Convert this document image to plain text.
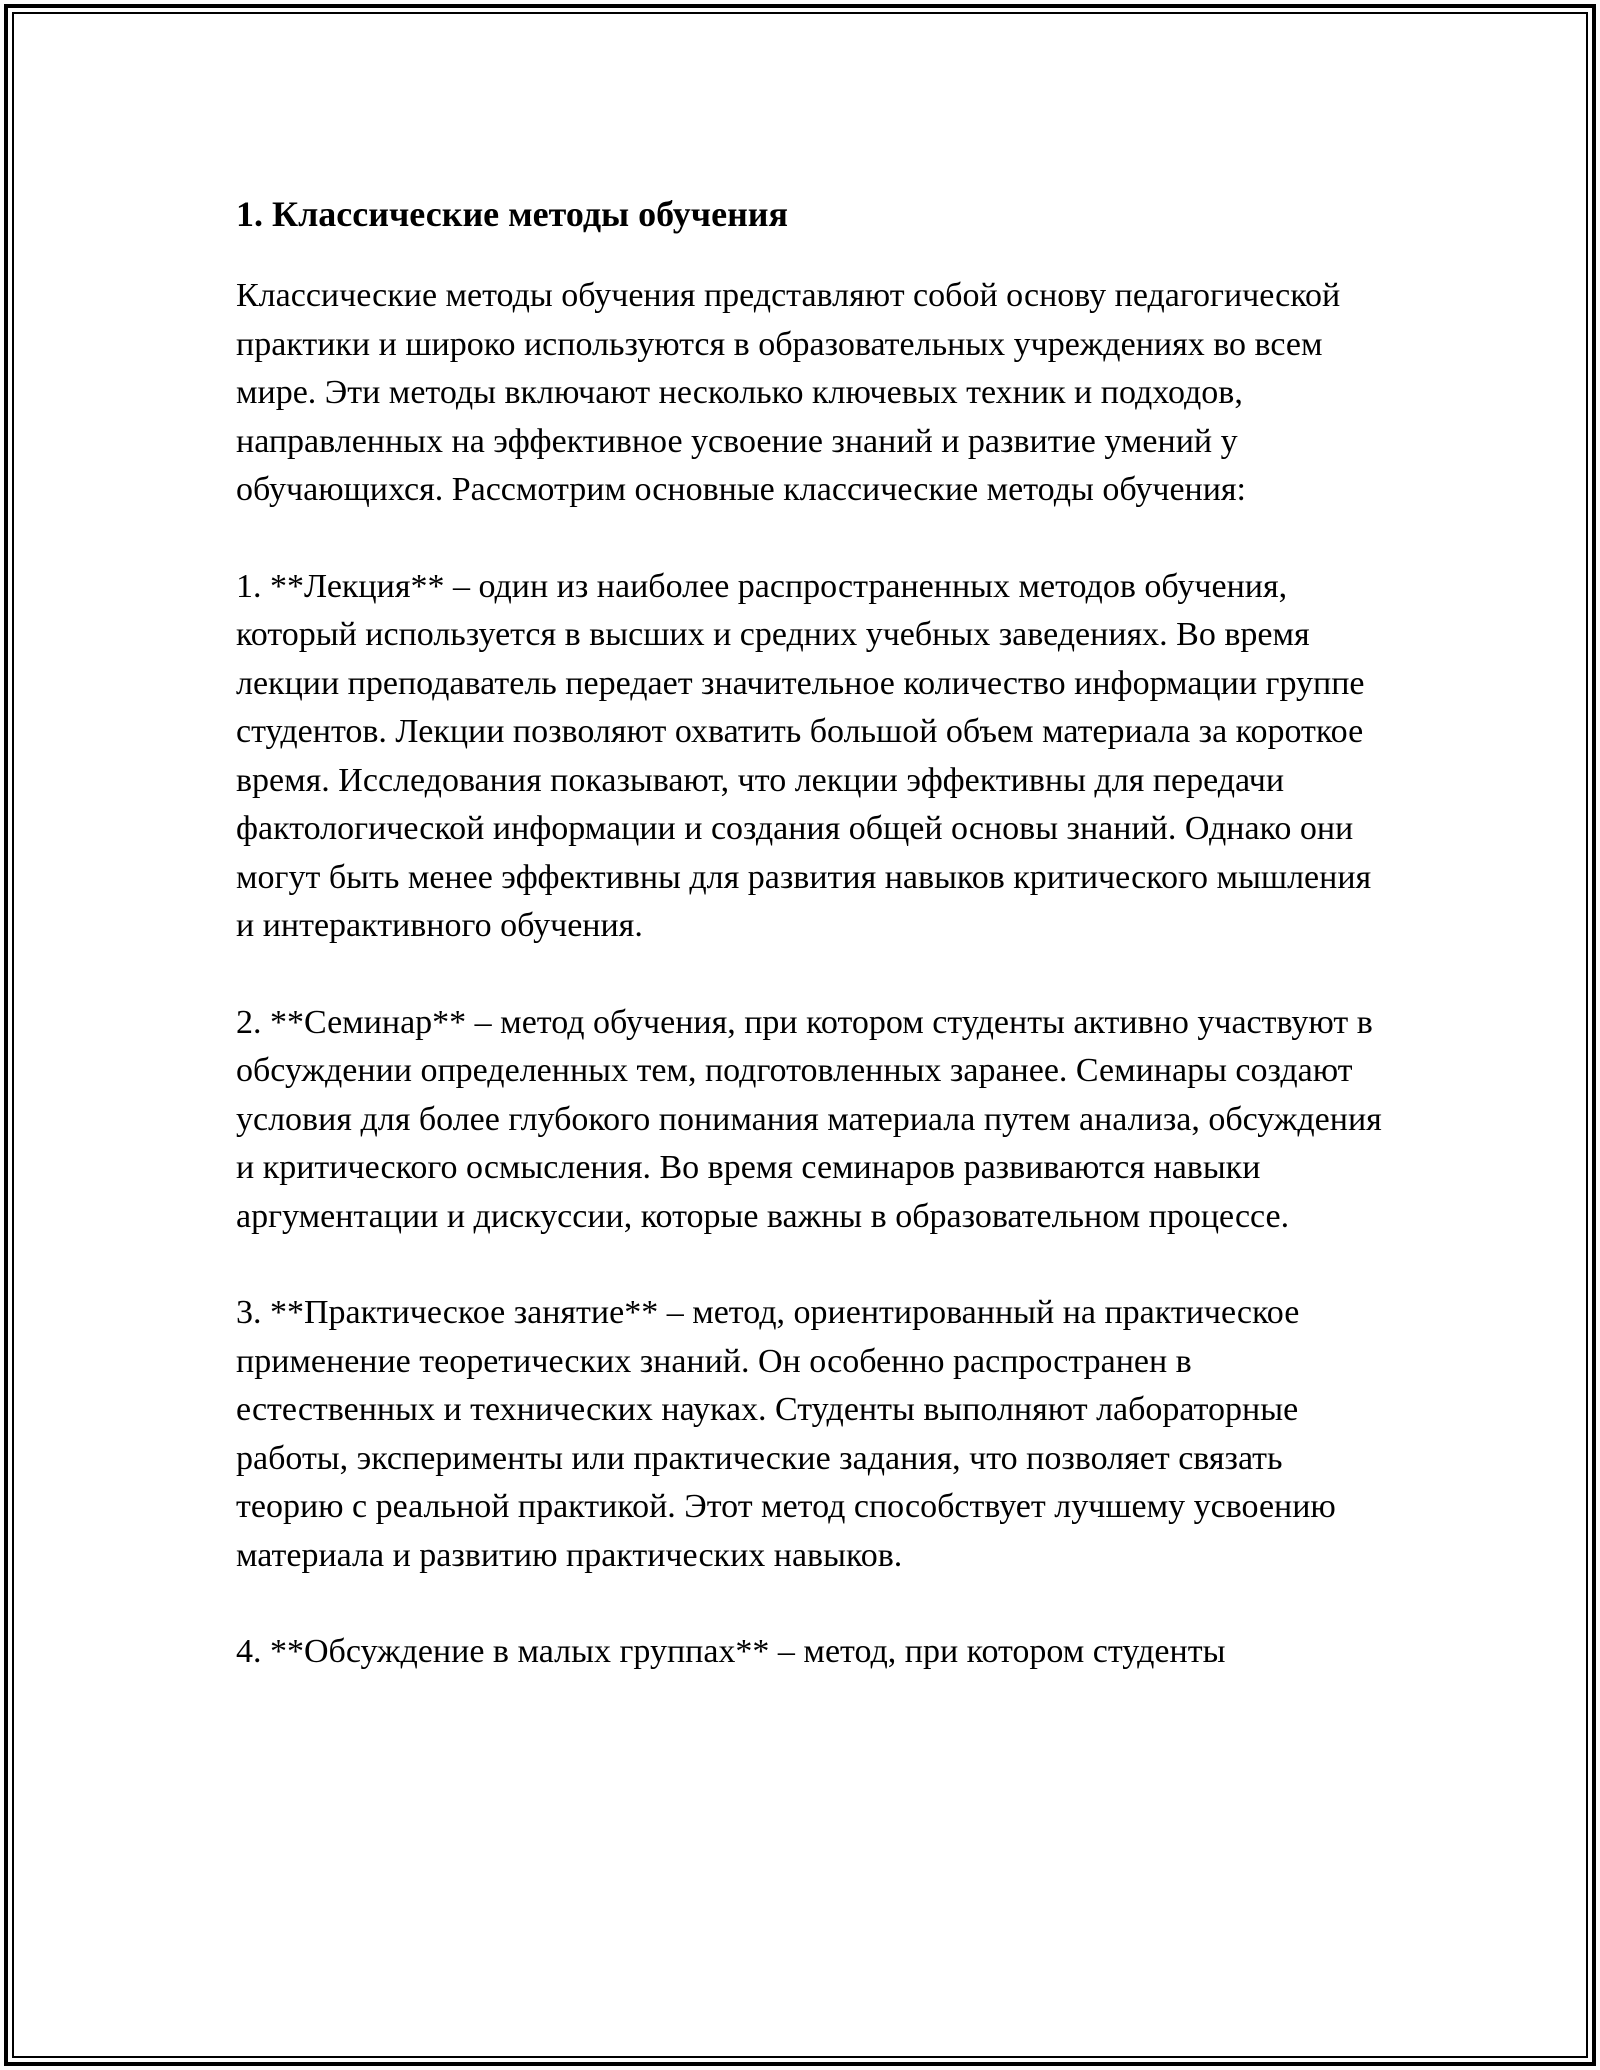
1. Классические методы обучения

Классические методы обучения представляют собой основу педагогической практики и широко используются в образовательных учреждениях во всем мире. Эти методы включают несколько ключевых техник и подходов, направленных на эффективное усвоение знаний и развитие умений у обучающихся. Рассмотрим основные классические методы обучения:

1. **Лекция** – один из наиболее распространенных методов обучения, который используется в высших и средних учебных заведениях. Во время лекции преподаватель передает значительное количество информации группе студентов. Лекции позволяют охватить большой объем материала за короткое время. Исследования показывают, что лекции эффективны для передачи фактологической информации и создания общей основы знаний. Однако они могут быть менее эффективны для развития навыков критического мышления и интерактивного обучения.

2. **Семинар** – метод обучения, при котором студенты активно участвуют в обсуждении определенных тем, подготовленных заранее. Семинары создают условия для более глубокого понимания материала путем анализа, обсуждения и критического осмысления. Во время семинаров развиваются навыки аргументации и дискуссии, которые важны в образовательном процессе.

3. **Практическое занятие** – метод, ориентированный на практическое применение теоретических знаний. Он особенно распространен в естественных и технических науках. Студенты выполняют лабораторные работы, эксперименты или практические задания, что позволяет связать теорию с реальной практикой. Этот метод способствует лучшему усвоению материала и развитию практических навыков.

4. **Обсуждение в малых группах** – метод, при котором студенты
